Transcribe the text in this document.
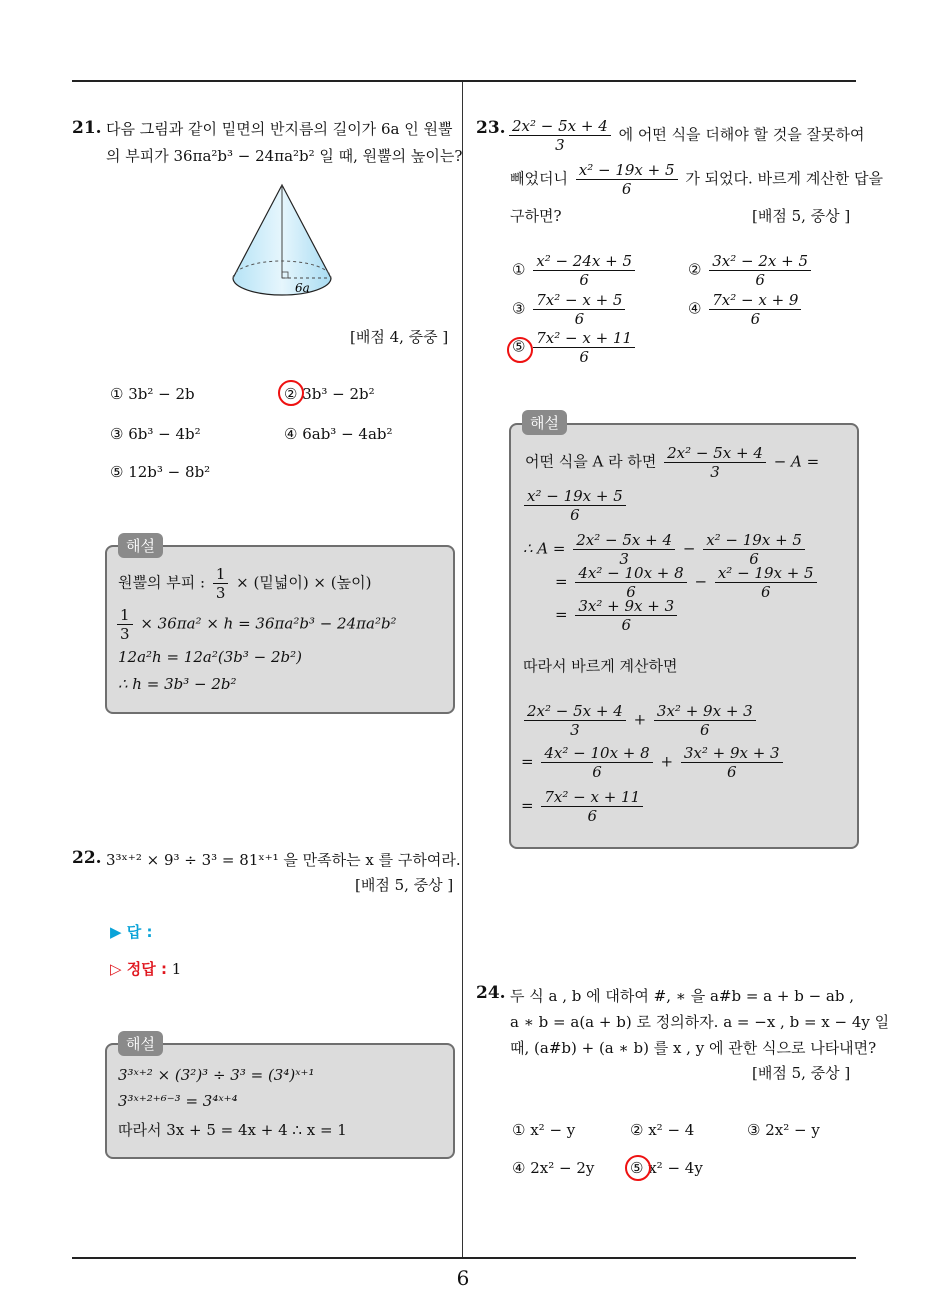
6
21. 다음 그림과 같이 밑면의 반지름의 길이가 6a 인 원뿔
의 부피가 36πa²b³ − 24πa²b² 일 때, 원뿔의 높이는?
6a
[배점 4, 중중 ]
① 3b² − 2b	② 3b³ − 2b²
③ 6b³ − 4b²	④ 6ab³ − 4ab²
⑤ 12b³ − 8b²
해설
원뿔의 부피 : $\frac{1}{3}$ × (밑넓이) × (높이)
$\frac{1}{3} \times 36\pi a^2 \times h = 36\pi a^2b^3 - 24\pi a^2b^2$
12a²h = 12a²(3b³ − 2b²)
∴ h = 3b³ − 2b²
22. 3³ˣ⁺² × 9³ ÷ 3³ = 81ˣ⁺¹ 을 만족하는 x 를 구하여라.
[배점 5, 중상 ]
▶ 답 :
▷ 정답 : 1
해설
3³ˣ⁺² × (3²)³ ÷ 3³ = (3⁴)ˣ⁺¹
3³ˣ⁺²⁺⁶⁻³ = 3⁴ˣ⁺⁴
따라서 3x + 5 = 4x + 4 ∴ x = 1
23. $\frac{\text{2x² − 5x + 4}}{3}$ 에 어떤 식을 더해야 할 것을 잘못하여
빼었더니 $\frac{\text{x² − 19x + 5}}{6}$ 가 되었다. 바르게 계산한 답을
구하면?	[배점 5, 중상 ]
① $\frac{\text{x² − 24x + 5}}{6}$	② $\frac{\text{3x² − 2x + 5}}{6}$
③ $\frac{\text{7x² − x + 5}}{6}$	④ $\frac{\text{7x² − x + 9}}{6}$
⑤ $\frac{\text{7x² − x + 11}}{6}$
해설
어떤 식을 A 라 하면 $\frac{\text{2x² − 5x + 4}}{3} - A$ =
$\frac{\text{x² − 19x + 5}}{6}$
∴ $A = \frac{\text{2x² − 5x + 4}}{3} - \frac{\text{x² − 19x + 5}}{6}$
= $\frac{\text{4x² − 10x + 8}}{6} - \frac{\text{x² − 19x + 5}}{6}$
= $\frac{\text{3x² + 9x + 3}}{6}$
따라서 바르게 계산하면
$\frac{\text{2x² − 5x + 4}}{3} + \frac{\text{3x² + 9x + 3}}{6}$
= $\frac{\text{4x² − 10x + 8}}{6} + \frac{\text{3x² + 9x + 3}}{6}$
= $\frac{\text{7x² − x + 11}}{6}$
24. 두 식 a , b 에 대하여 #, ∗ 을 a#b = a + b − ab ,
a ∗ b = a(a + b) 로 정의하자. a = −x , b = x − 4y 일
때, (a#b) + (a ∗ b) 를 x , y 에 관한 식으로 나타내면?
[배점 5, 중상 ]
① x² − y	② x² − 4	③ 2x² − y
④ 2x² − 2y ⑤ x² − 4y
